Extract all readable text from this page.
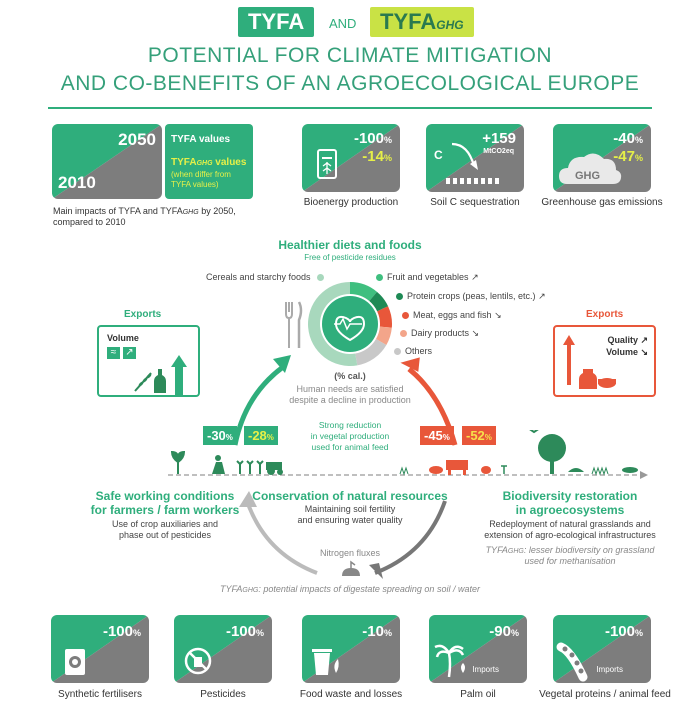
TYFA	AND	TYFAGHG
POTENTIAL FOR CLIMATE MITIGATION
AND CO-BENEFITS OF AN AGROECOLOGICAL EUROPE
2050
2010
TYFA values
TYFAGHG values
(when differ from
TYFA values)
Main impacts of TYFA and TYFAGHG by 2050,
compared to 2010
-100%
-14%
Bioenergy production
C
+159
MtCO2eq
Soil C sequestration
GHG
-40%
-47%
Greenhouse gas emissions
Healthier diets and foods
Free of pesticide residues
Cereals and starchy foods	Fruit and vegetables ↗
Protein crops (peas, lentils, etc.) ↗
Meat, eggs and fish ↘
Dairy products ↘
Others
(% cal.)
Human needs are satisfied
despite a decline in production
Exports
Volume
≈ ↗
Exports
Quality ↗
Volume ↘
-30%	-28%	-45%	-52%
Strong reduction
in vegetal production
used for animal feed
Safe working conditions
for farmers / farm workers
Use of crop auxiliaries and
phase out of pesticides
Conservation of natural resources
Maintaining soil fertility
and ensuring water quality
Biodiversity restoration
in agroecosystems
Redeployment of natural grasslands and
extension of agro-ecological infrastructures
TYFAGHG: lesser biodiversity on grassland
used for methanisation
Nitrogen fluxes
TYFAGHG: potential impacts of digestate spreading on soil / water
-100%
Synthetic fertilisers
-100%
Pesticides
-10%
Food waste and losses
-90%
Imports
Palm oil
-100%
Imports
Vegetal proteins / animal feed
